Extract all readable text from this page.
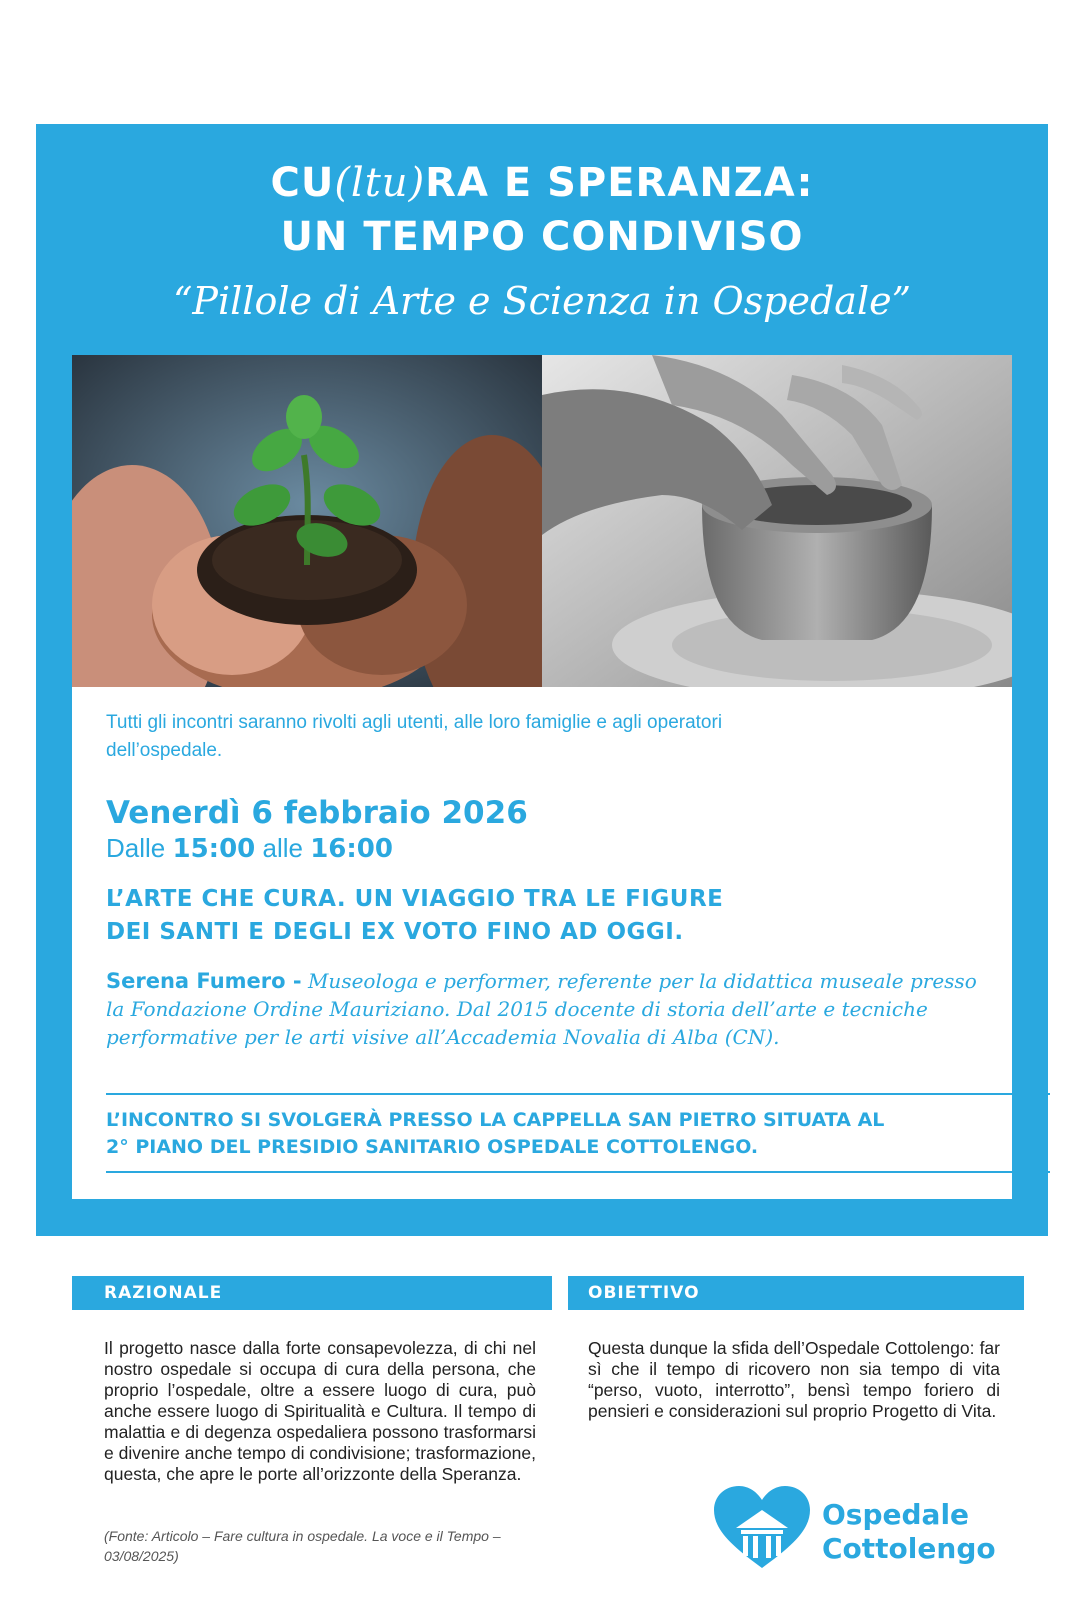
CU(ltu)RA E SPERANZA:
UN TEMPO CONDIVISO
“Pillole di Arte e Scienza in Ospedale”
Tutti gli incontri saranno rivolti agli utenti, alle loro famiglie e agli operatori dell’ospedale.
Venerdì 6 febbraio 2026
Dalle 15:00 alle 16:00
L’ARTE CHE CURA. UN VIAGGIO TRA LE FIGURE
DEI SANTI E DEGLI EX VOTO FINO AD OGGI.
Serena Fumero - Museologa e performer, referente per la didattica museale presso la Fondazione Ordine Mauriziano. Dal 2015 docente di storia dell’arte e tecniche performative per le arti visive all’Accademia Novalia di Alba (CN).
L’INCONTRO SI SVOLGERÀ PRESSO LA CAPPELLA SAN PIETRO SITUATA AL
2° PIANO DEL PRESIDIO SANITARIO OSPEDALE COTTOLENGO.
RAZIONALE	OBIETTIVO
Il progetto nasce dalla forte consapevolezza, di chi nel nostro ospedale si occupa di cura della persona, che proprio l’ospedale, oltre a essere luogo di cura, può anche essere luogo di Spiritualità e Cultura. Il tempo di malattia e di degenza ospedaliera possono trasformarsi e divenire anche tempo di condivisione; trasformazione, questa, che apre le porte all’orizzonte della Speranza.
(Fonte: Articolo – Fare cultura in ospedale. La voce e il Tempo – 03/08/2025)
Questa dunque la sfida dell’Ospedale Cottolengo: far sì che il tempo di ricovero non sia tempo di vita “perso, vuoto, interrotto”, bensì tempo foriero di pensieri e considerazioni sul proprio Progetto di Vita.
Ospedale
Cottolengo
